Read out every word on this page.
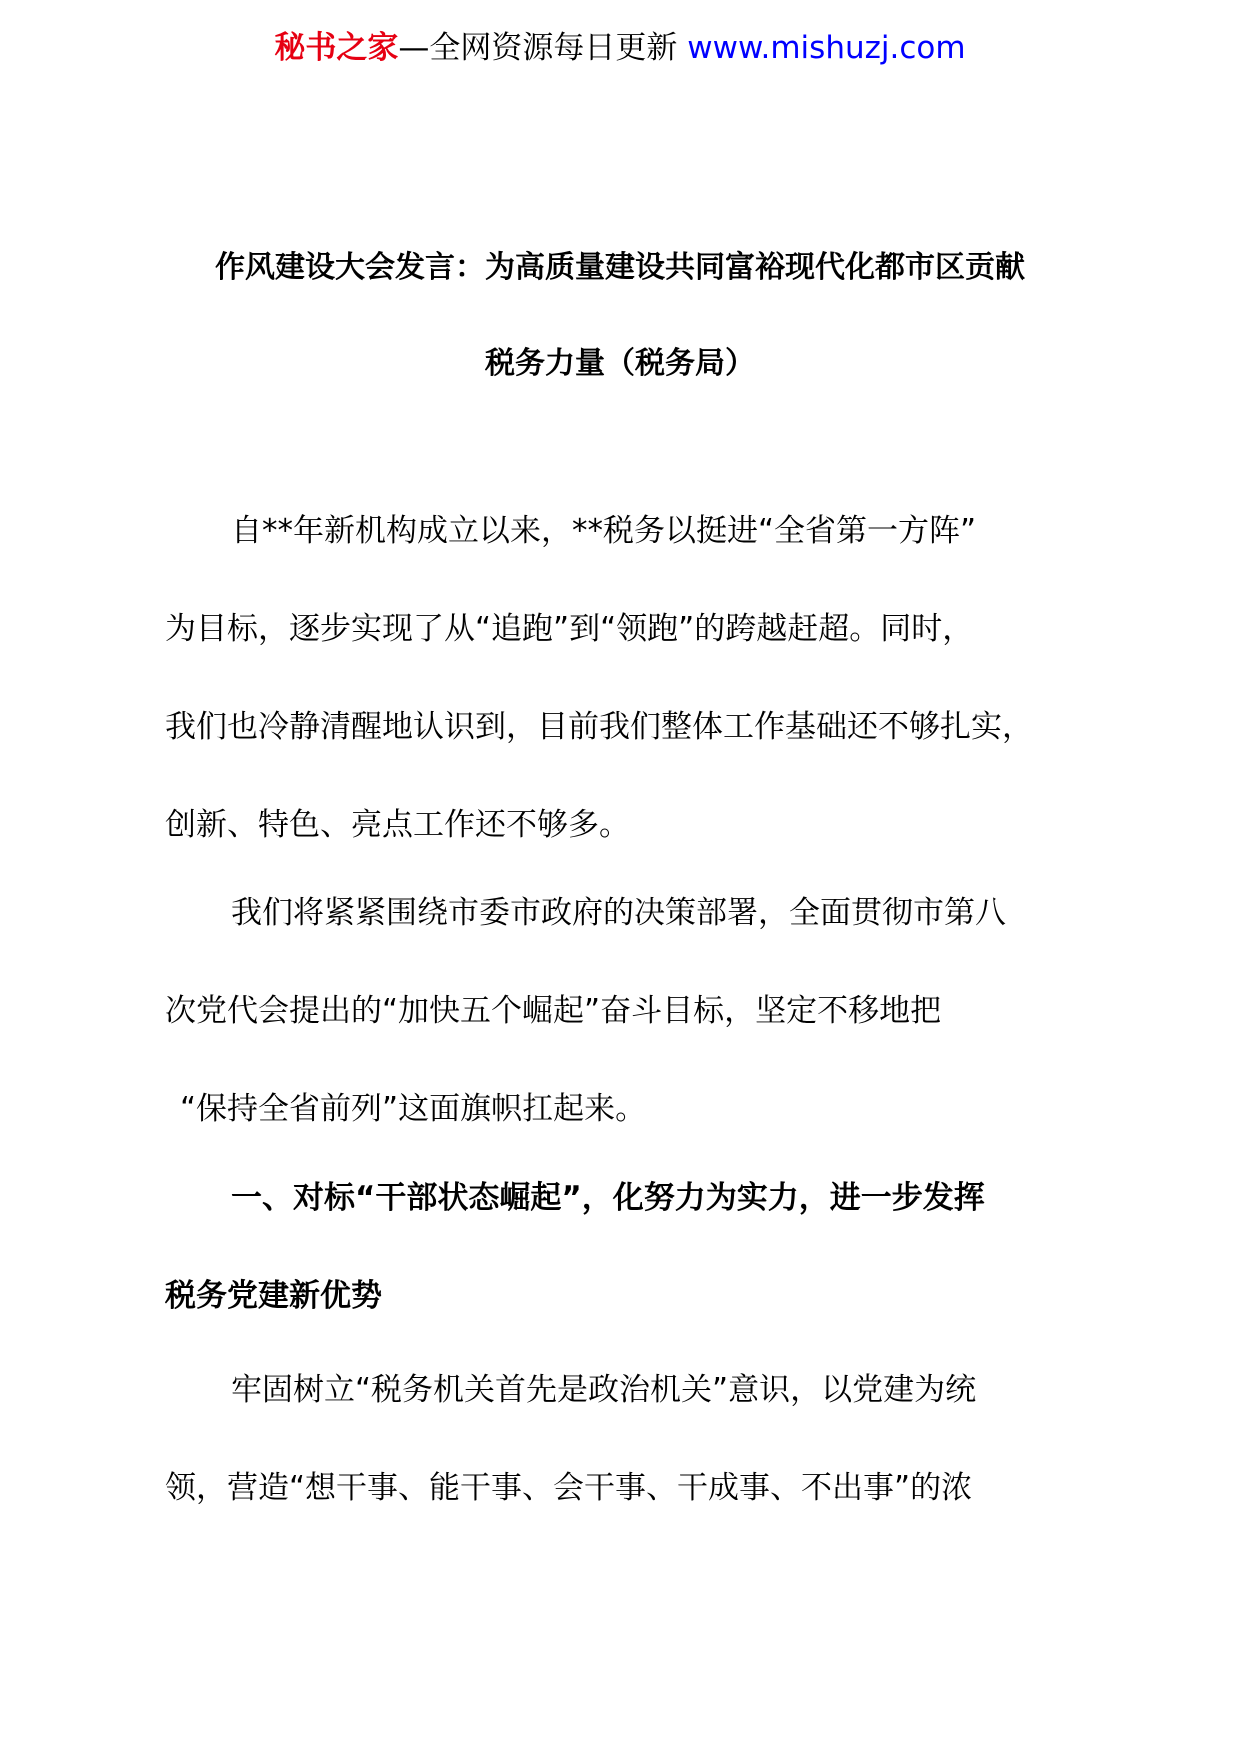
秘书之家—全网资源每日更新 www.mishuzj.com
作风建设大会发言：为高质量建设共同富裕现代化都市区贡献
税务力量（税务局）
自**年新机构成立以来，**税务以挺进“全省第一方阵”
为目标，逐步实现了从“追跑”到“领跑”的跨越赶超。同时，
我们也冷静清醒地认识到，目前我们整体工作基础还不够扎实，
创新、特色、亮点工作还不够多。
我们将紧紧围绕市委市政府的决策部署，全面贯彻市第八
次党代会提出的“加快五个崛起”奋斗目标，坚定不移地把
“保持全省前列”这面旗帜扛起来。
一、对标“干部状态崛起”，化努力为实力，进一步发挥
税务党建新优势
牢固树立“税务机关首先是政治机关”意识，以党建为统
领，营造“想干事、能干事、会干事、干成事、不出事”的浓
